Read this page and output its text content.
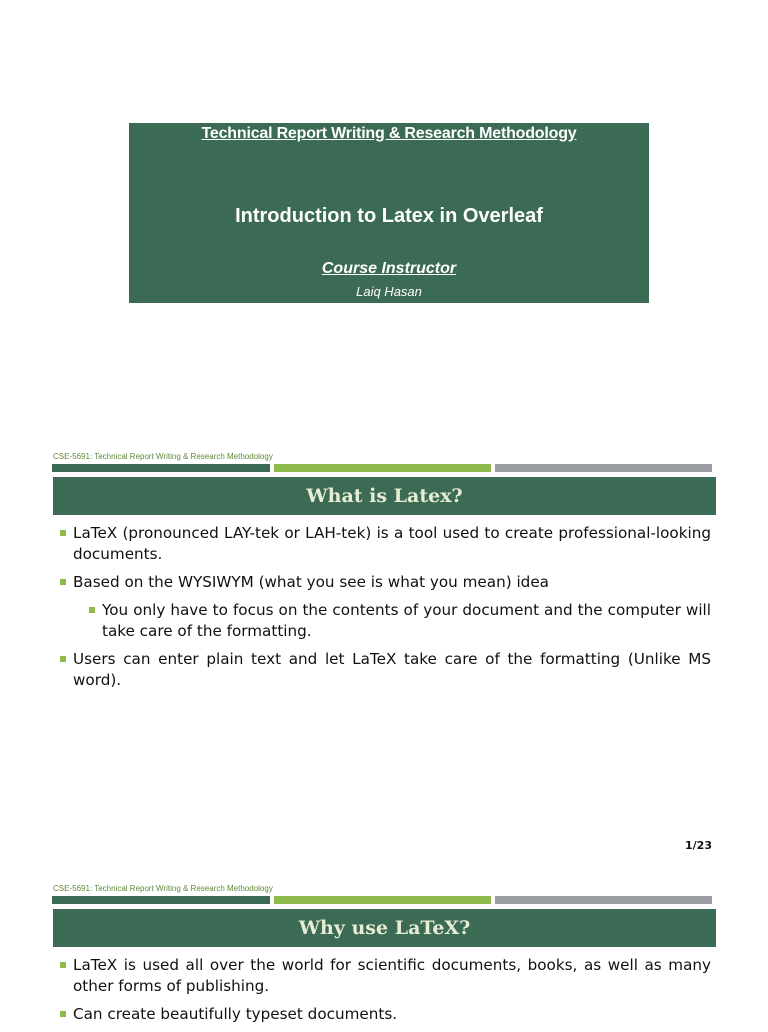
Technical Report Writing & Research Methodology
Introduction to Latex in Overleaf
Course Instructor
Laiq Hasan
CSE-5691: Technical Report Writing & Research Methodology
What is Latex?
LaTeX (pronounced LAY-tek or LAH-tek) is a tool used to create professional-looking documents.
Based on the WYSIWYM (what you see is what you mean) idea
You only have to focus on the contents of your document and the computer will take care of the formatting.
Users can enter plain text and let LaTeX take care of the formatting (Unlike MS word).
1/23
CSE-5691: Technical Report Writing & Research Methodology
Why use LaTeX?
LaTeX is used all over the world for scientific documents, books, as well as many other forms of publishing.
Can create beautifully typeset documents.
